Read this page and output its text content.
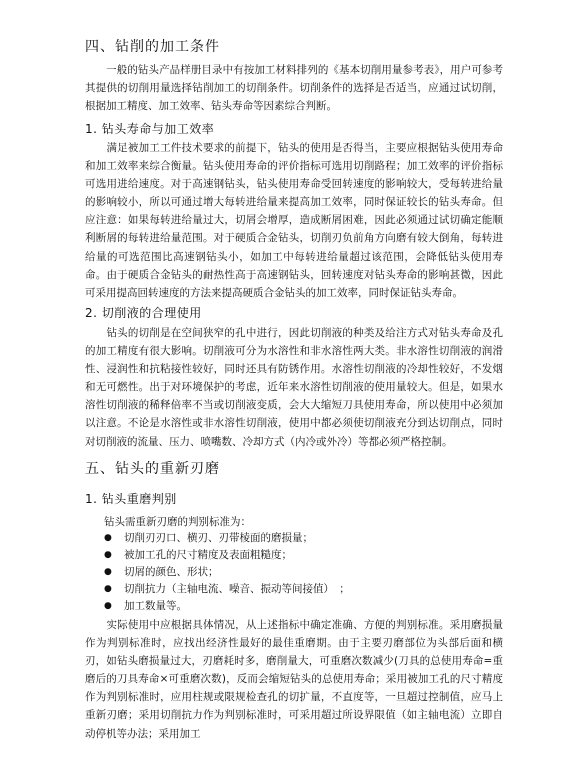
四、钻削的加工条件

　　一般的钻头产品样册目录中有按加工材料排列的《基本切削用量参考表》，用户可参考其提供的切削用量选择钻削加工的切削条件。切削条件的选择是否适当，应通过试切削，根据加工精度、加工效率、钻头寿命等因素综合判断。

1. 钻头寿命与加工效率

　　满足被加工工件技术要求的前提下，钻头的使用是否得当，主要应根据钻头使用寿命和加工效率来综合衡量。钻头使用寿命的评价指标可选用切削路程；加工效率的评价指标可选用进给速度。对于高速钢钻头，钻头使用寿命受回转速度的影响较大，受每转进给量的影响较小，所以可通过增大每转进给量来提高加工效率，同时保证较长的钻头寿命。但应注意：如果每转进给量过大，切屑会增厚，造成断屑困难，因此必须通过试切确定能顺利断屑的每转进给量范围。对于硬质合金钻头，切削刃负前角方向磨有较大倒角，每转进给量的可选范围比高速钢钻头小，如加工中每转进给量超过该范围，会降低钻头使用寿命。由于硬质合金钻头的耐热性高于高速钢钻头，回转速度对钻头寿命的影响甚微，因此可采用提高回转速度的方法来提高硬质合金钻头的加工效率，同时保证钻头寿命。

2. 切削液的合理使用

　　钻头的切削是在空间狭窄的孔中进行，因此切削液的种类及给注方式对钻头寿命及孔的加工精度有很大影响。切削液可分为水溶性和非水溶性两大类。非水溶性切削液的润滑性、浸润性和抗粘接性较好，同时还具有防锈作用。水溶性切削液的冷却性较好，不发烟和无可燃性。出于对环境保护的考虑，近年来水溶性切削液的使用量较大。但是，如果水溶性切削液的稀释倍率不当或切削液变质，会大大缩短刀具使用寿命，所以使用中必须加以注意。不论是水溶性或非水溶性切削液，使用中都必须使切削液充分到达切削点，同时对切削液的流量、压力、喷嘴数、冷却方式（内冷或外冷）等都必须严格控制。

五、钻头的重新刃磨
1. 钻头重磨判别

钻头需重新刃磨的判别标准为：

● 切削刃刃口、横刃、刃带棱面的磨损量；
● 被加工孔的尺寸精度及表面粗糙度；
● 切屑的颜色、形状；
● 切削抗力（主轴电流、噪音、振动等间接值）　；
● 加工数量等。

　　实际使用中应根据具体情况，从上述指标中确定准确、方便的判别标准。采用磨损量作为判别标准时，应找出经济性最好的最佳重磨期。由于主要刃磨部位为头部后面和横刃，如钻头磨损量过大，刃磨耗时多，磨削量大，可重磨次数减少(刀具的总使用寿命=重磨后的刀具寿命×可重磨次数)，反而会缩短钻头的总使用寿命；采用被加工孔的尺寸精度作为判别标准时，应用柱规或限规检查孔的切扩量，不直度等，一旦超过控制值，应马上重新刃磨；采用切削抗力作为判别标准时，可采用超过所设界限值（如主轴电流）立即自动停机等办法；采用加工
